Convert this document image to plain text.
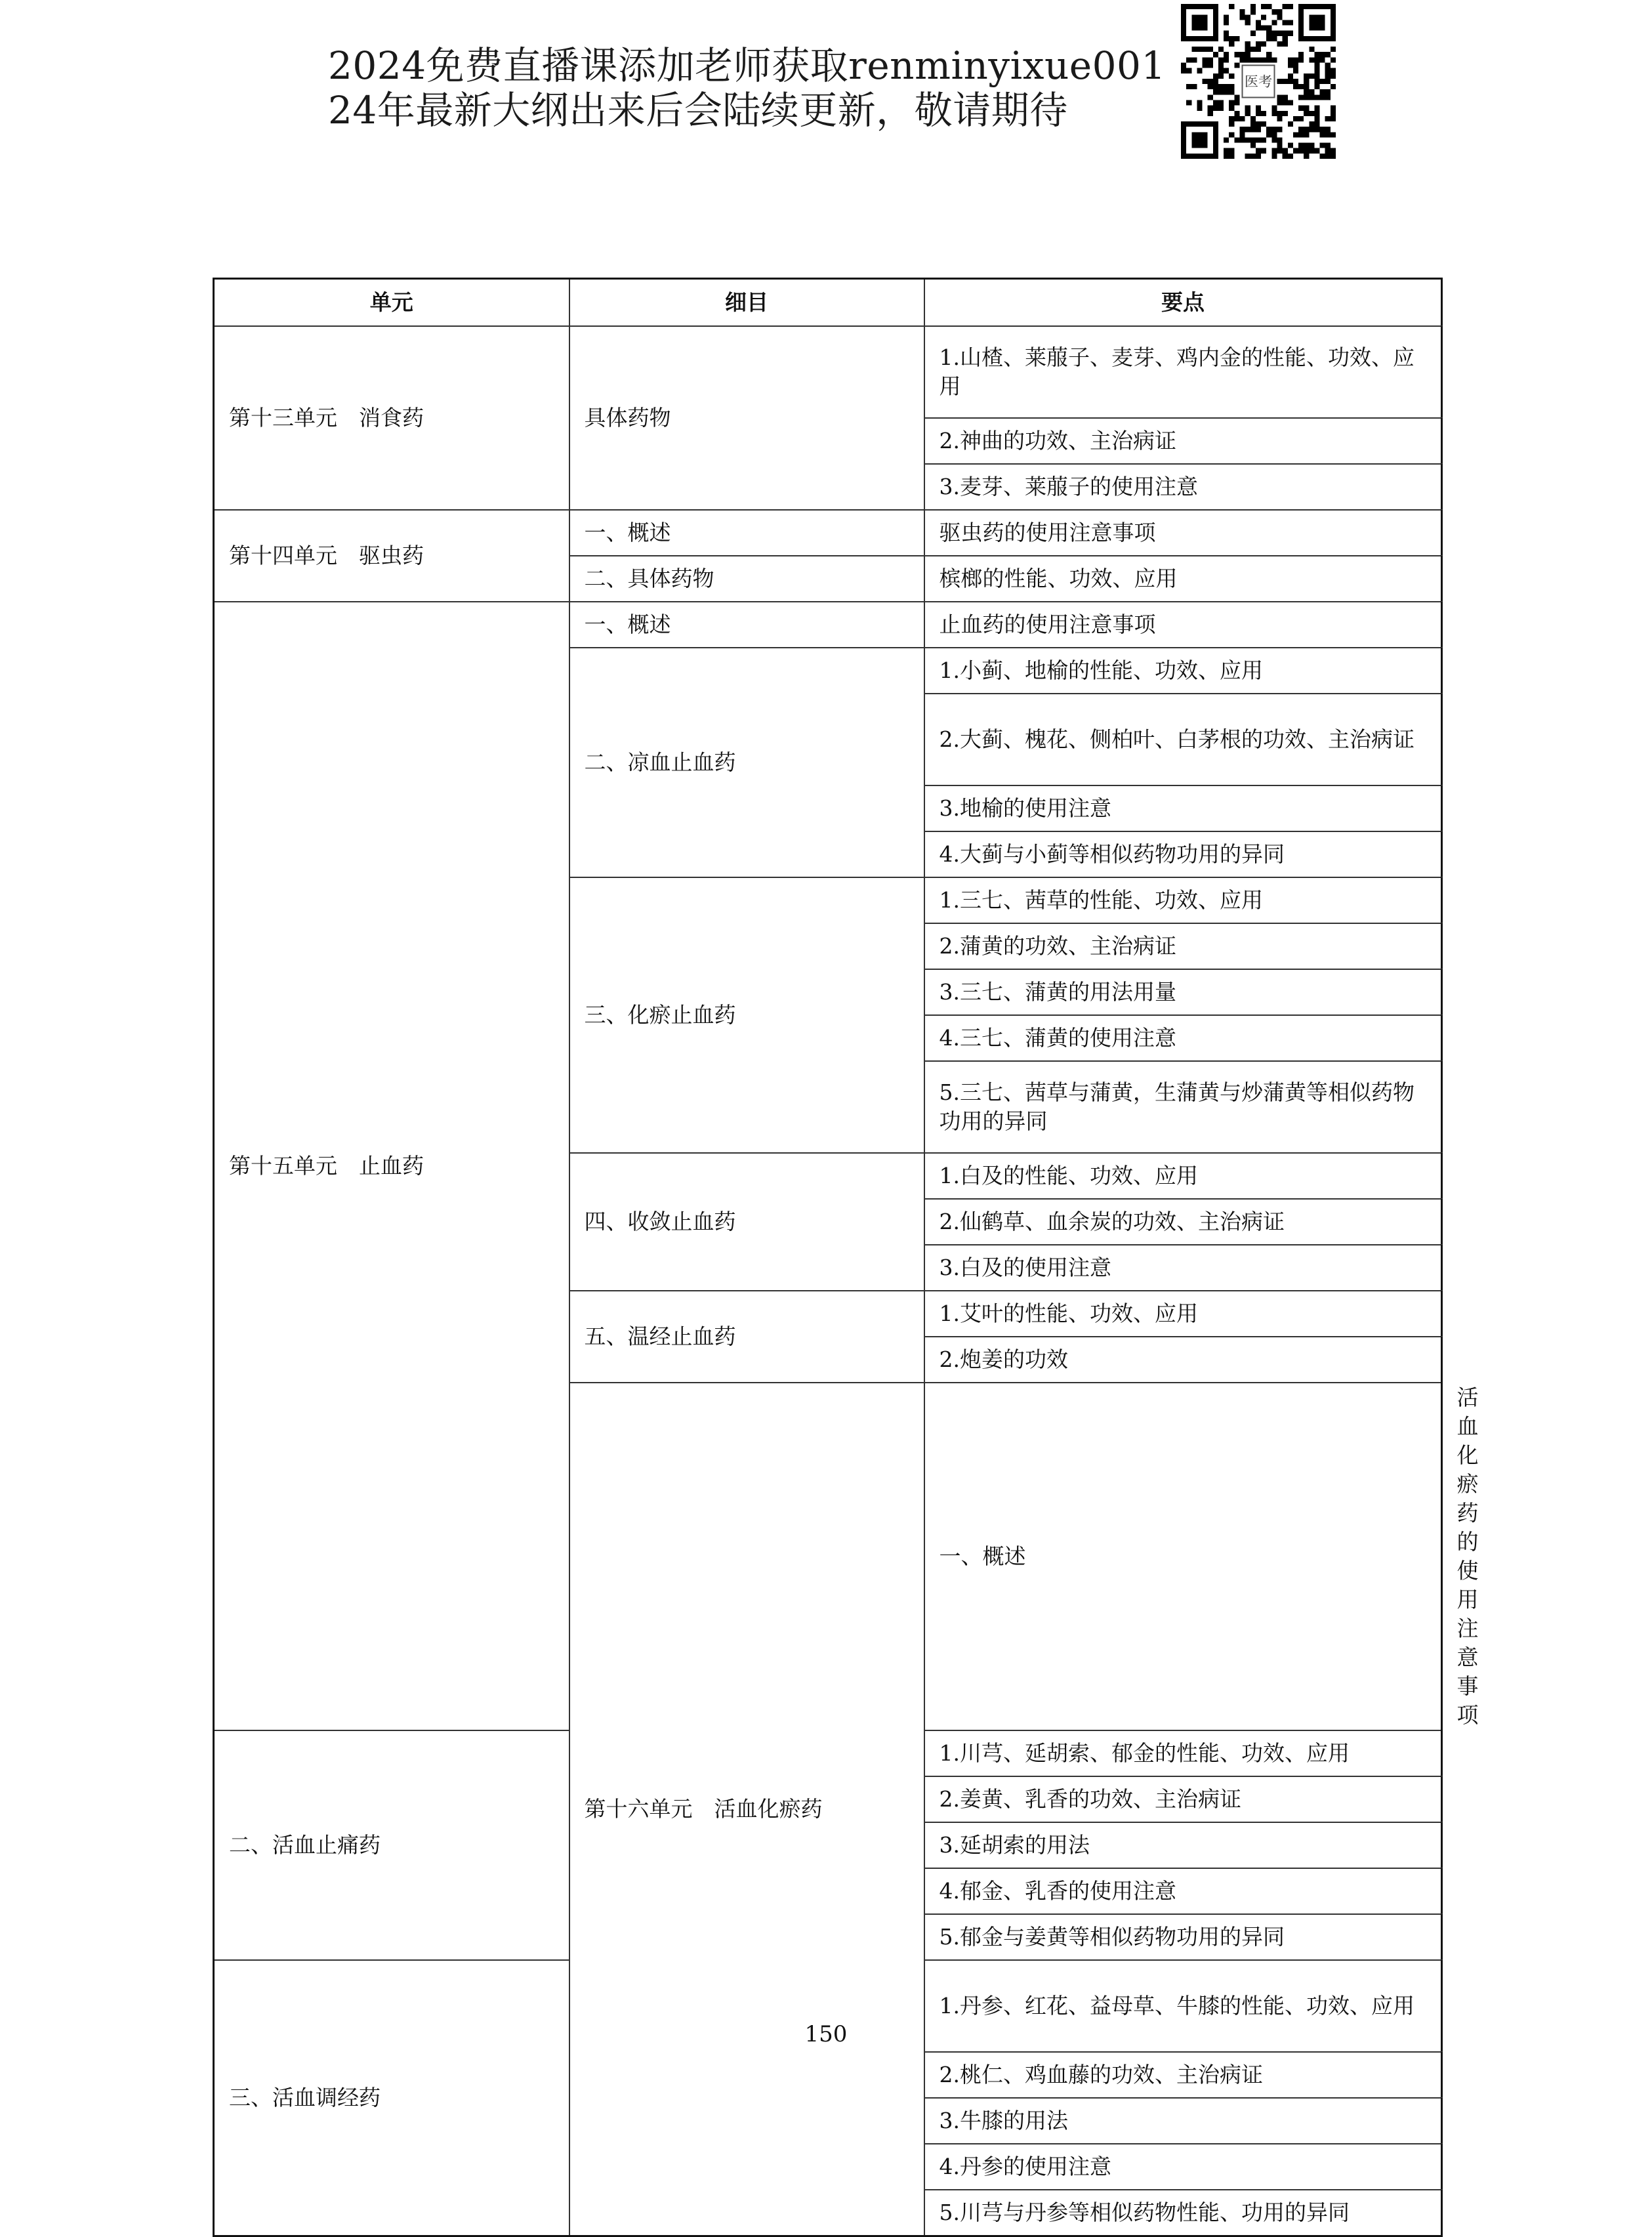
2024免费直播课添加老师获取renminyixue001
24年最新大纲出来后会陆续更新，敬请期待
医考
单元	细目	要点	
第十三单元　消食药	具体药物	1.山楂、莱菔子、麦芽、鸡内金的性能、功效、应用	
		2.神曲的功效、主治病证	
		3.麦芽、莱菔子的使用注意	
第十四单元　驱虫药	一、概述	驱虫药的使用注意事项	
	二、具体药物	槟榔的性能、功效、应用	
第十五单元　止血药	一、概述	止血药的使用注意事项	
	二、凉血止血药	1.小蓟、地榆的性能、功效、应用	
		2.大蓟、槐花、侧柏叶、白茅根的功效、主治病证	
		3.地榆的使用注意	
		4.大蓟与小蓟等相似药物功用的异同	
	三、化瘀止血药	1.三七、茜草的性能、功效、应用	
		2.蒲黄的功效、主治病证	
		3.三七、蒲黄的用法用量	
		4.三七、蒲黄的使用注意	
		5.三七、茜草与蒲黄，生蒲黄与炒蒲黄等相似药物功用的异同	
	四、收敛止血药	1.白及的性能、功效、应用	
		2.仙鹤草、血余炭的功效、主治病证	
		3.白及的使用注意	
	五、温经止血药	1.艾叶的性能、功效、应用	
		2.炮姜的功效	
	第十六单元　活血化瘀药	一、概述	活血化瘀药的使用注意事项
二、活血止痛药		1.川芎、延胡索、郁金的性能、功效、应用	
		2.姜黄、乳香的功效、主治病证	
		3.延胡索的用法	
		4.郁金、乳香的使用注意	
		5.郁金与姜黄等相似药物功用的异同	
三、活血调经药		1.丹参、红花、益母草、牛膝的性能、功效、应用	
		2.桃仁、鸡血藤的功效、主治病证	
		3.牛膝的用法	
		4.丹参的使用注意	
		5.川芎与丹参等相似药物性能、功用的异同	
150
